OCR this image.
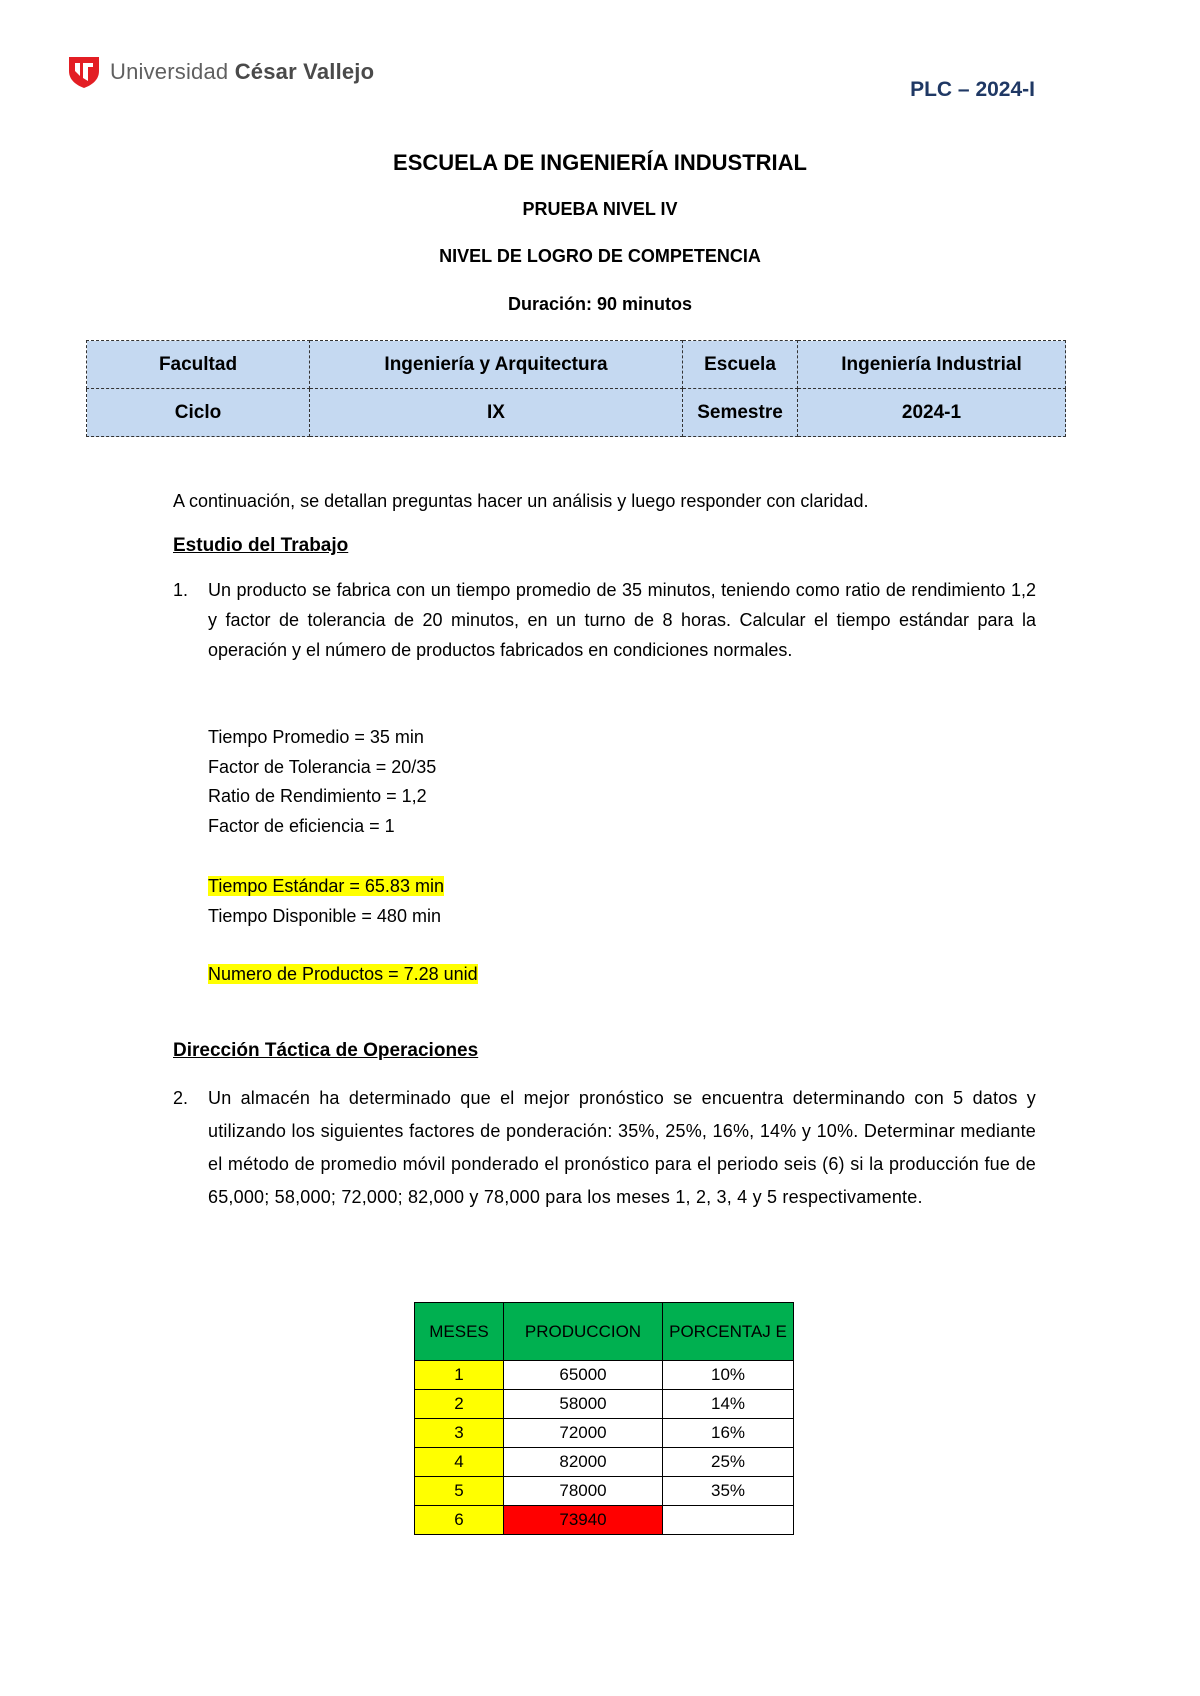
Universidad César Vallejo
PLC – 2024-I
ESCUELA DE INGENIERÍA INDUSTRIAL
PRUEBA NIVEL IV
NIVEL DE LOGRO DE COMPETENCIA
Duración: 90 minutos
Facultad	Ingeniería y Arquitectura	Escuela	Ingeniería Industrial
Ciclo	IX	Semestre	2024-1
A continuación, se detallan preguntas hacer un análisis y luego responder con claridad.
Estudio del Trabajo
1. Un producto se fabrica con un tiempo promedio de 35 minutos, teniendo como ratio de rendimiento 1,2 y factor de tolerancia de 20 minutos, en un turno de 8 horas. Calcular el tiempo estándar para la operación y el número de productos fabricados en condiciones normales.
Tiempo Promedio = 35 min
Factor de Tolerancia = 20/35
Ratio de Rendimiento = 1,2
Factor de eficiencia = 1
Tiempo Estándar = 65.83 min
Tiempo Disponible = 480 min
Numero de Productos = 7.28 unid
Dirección Táctica de Operaciones
2. Un almacén ha determinado que el mejor pronóstico se encuentra determinando con 5 datos y utilizando los siguientes factores de ponderación: 35%, 25%, 16%, 14% y 10%. Determinar mediante el método de promedio móvil ponderado el pronóstico para el periodo seis (6) si la producción fue de 65,000; 58,000; 72,000; 82,000 y 78,000 para los meses 1, 2, 3, 4 y 5 respectivamente.
MESES	PRODUCCION	PORCENTAJ E
1	65000	10%
2	58000	14%
3	72000	16%
4	82000	25%
5	78000	35%
6	73940	
